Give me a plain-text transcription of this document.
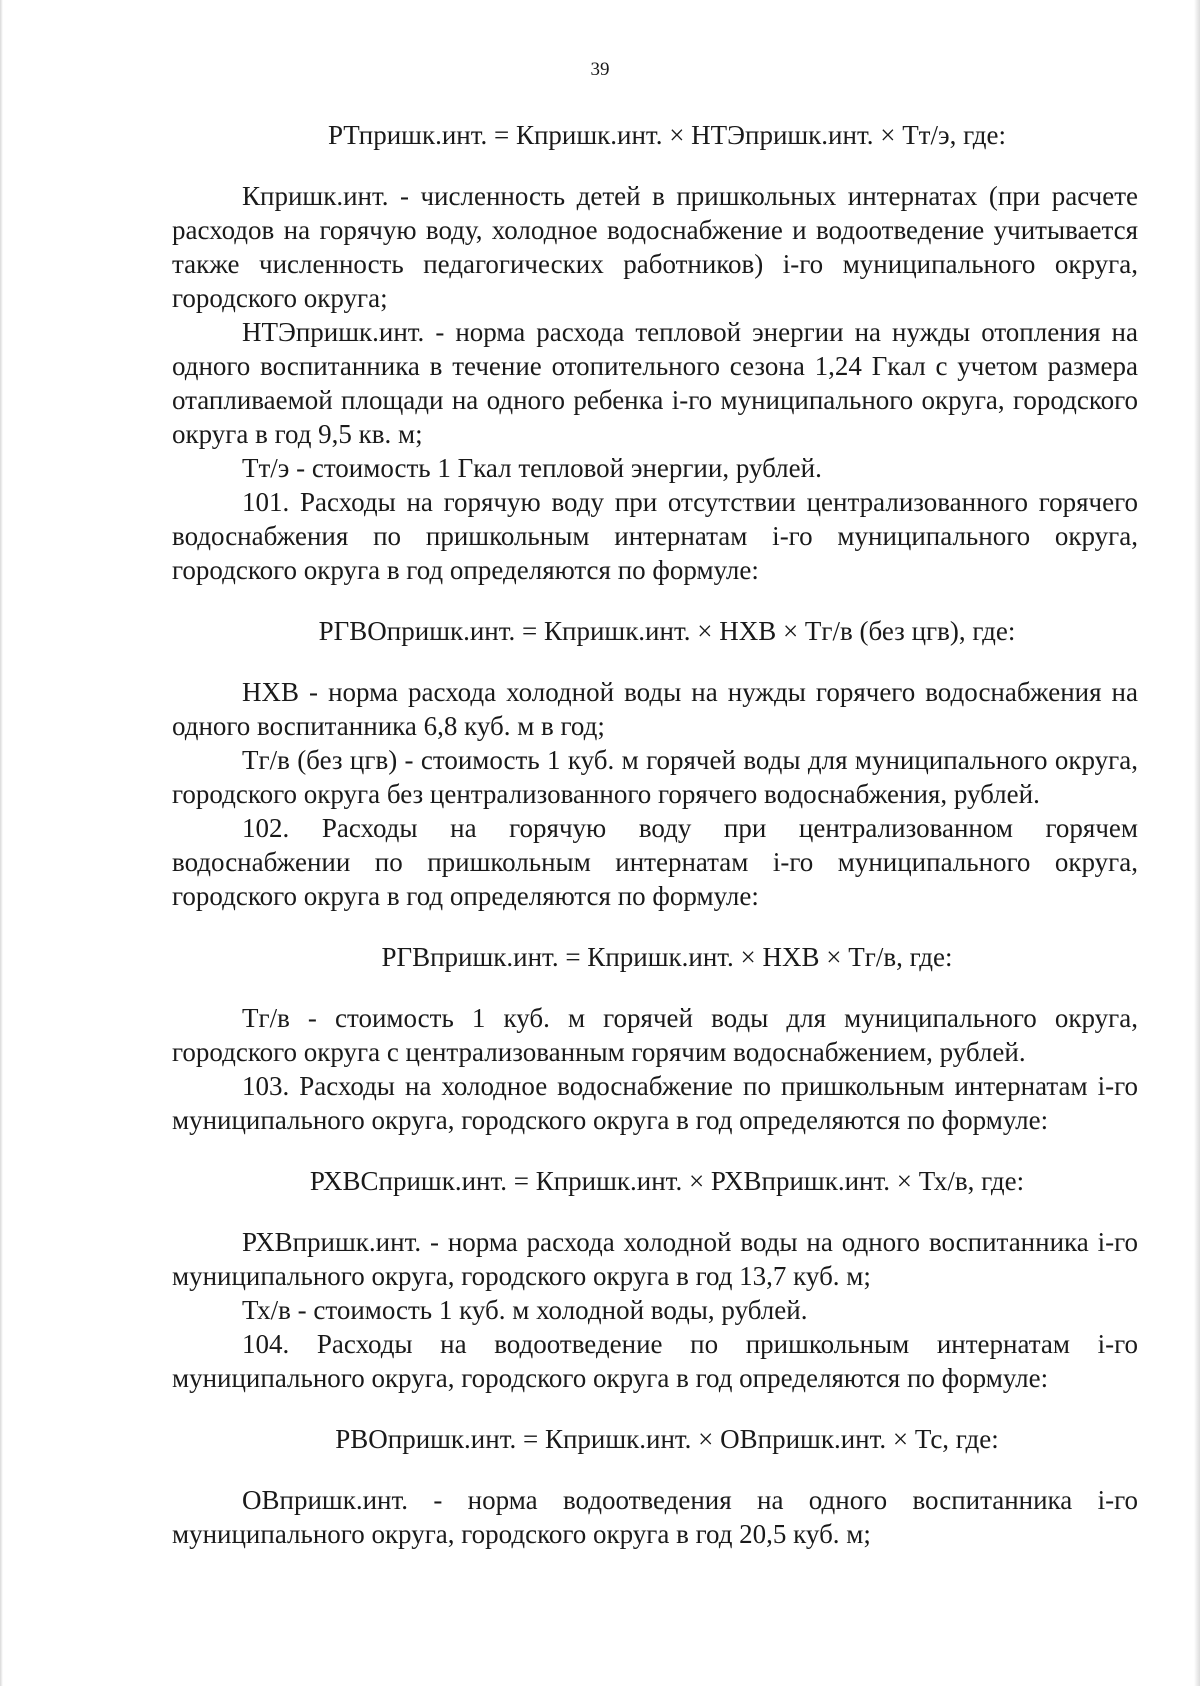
39

РТпришк.инт. = Кпришк.инт. × НТЭпришк.инт. × Тт/э, где:

Кпришк.инт. - численность детей в пришкольных интернатах (при расчете расходов на горячую воду, холодное водоснабжение и водоотведение учитывается также численность педагогических работников) i-го муниципального округа, городского округа;

НТЭпришк.инт. - норма расхода тепловой энергии на нужды отопления на одного воспитанника в течение отопительного сезона 1,24 Гкал с учетом размера отапливаемой площади на одного ребенка i-го муниципального округа, городского округа в год 9,5 кв. м;

Тт/э - стоимость 1 Гкал тепловой энергии, рублей.

101. Расходы на горячую воду при отсутствии централизованного горячего водоснабжения по пришкольным интернатам i-го муниципального округа, городского округа в год определяются по формуле:

РГВОпришк.инт. = Кпришк.инт. × НХВ × Тг/в (без цгв), где:

НХВ - норма расхода холодной воды на нужды горячего водоснабжения на одного воспитанника 6,8 куб. м в год;

Тг/в (без цгв) - стоимость 1 куб. м горячей воды для муниципального округа, городского округа без централизованного горячего водоснабжения, рублей.

102. Расходы на горячую воду при централизованном горячем водоснабжении по пришкольным интернатам i-го муниципального округа, городского округа в год определяются по формуле:

РГВпришк.инт. = Кпришк.инт. × НХВ × Тг/в, где:

Тг/в - стоимость 1 куб. м горячей воды для муниципального округа, городского округа с централизованным горячим водоснабжением, рублей.

103. Расходы на холодное водоснабжение по пришкольным интернатам i-го муниципального округа, городского округа в год определяются по формуле:

РХВСпришк.инт. = Кпришк.инт. × РХВпришк.инт. × Тх/в, где:

РХВпришк.инт. - норма расхода холодной воды на одного воспитанника i-го муниципального округа, городского округа в год 13,7 куб. м;

Тх/в - стоимость 1 куб. м холодной воды, рублей.

104. Расходы на водоотведение по пришкольным интернатам i-го муниципального округа, городского округа в год определяются по формуле:

РВОпришк.инт. = Кпришк.инт. × ОВпришк.инт. × Тс, где:

ОВпришк.инт. - норма водоотведения на одного воспитанника i-го муниципального округа, городского округа в год 20,5 куб. м;
